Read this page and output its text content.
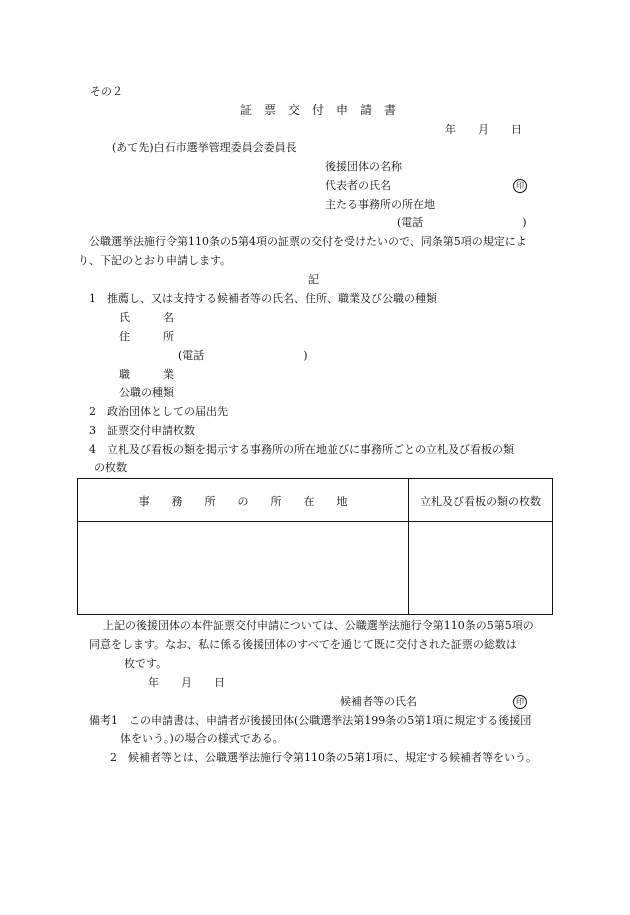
その２
証　票　交　付　申　請　書
年　　月　　日
(あて先)白石市選挙管理委員会委員長
後援団体の名称
代表者の氏名	印
主たる事務所の所在地
(電話　　　　　　　　　)
公職選挙法施行令第110条の5第4項の証票の交付を受けたいので、同条第5項の規定によ
り、下記のとおり申請します。
記
1　推薦し、又は支持する候補者等の氏名、住所、職業及び公職の種類
氏　　　名
住　　　所
(電話　　　　　　　　　)
職　　　業
公職の種類
2　政治団体としての届出先
3　証票交付申請枚数
4　立札及び看板の類を掲示する事務所の所在地並びに事務所ごとの立札及び看板の類
の枚数
事　　務　　所　　の　　所　　在　　地	立札及び看板の類の枚数
上記の後援団体の本件証票交付申請については、公職選挙法施行令第110条の5第5項の
同意をします。なお、私に係る後援団体のすべてを通じて既に交付された証票の総数は
枚です。
年　　月　　日
候補者等の氏名	印
備考1　この申請書は、申請者が後援団体(公職選挙法第199条の5第1項に規定する後援団
体をいう。)の場合の様式である。
2　候補者等とは、公職選挙法施行令第110条の5第1項に、規定する候補者等をいう。
